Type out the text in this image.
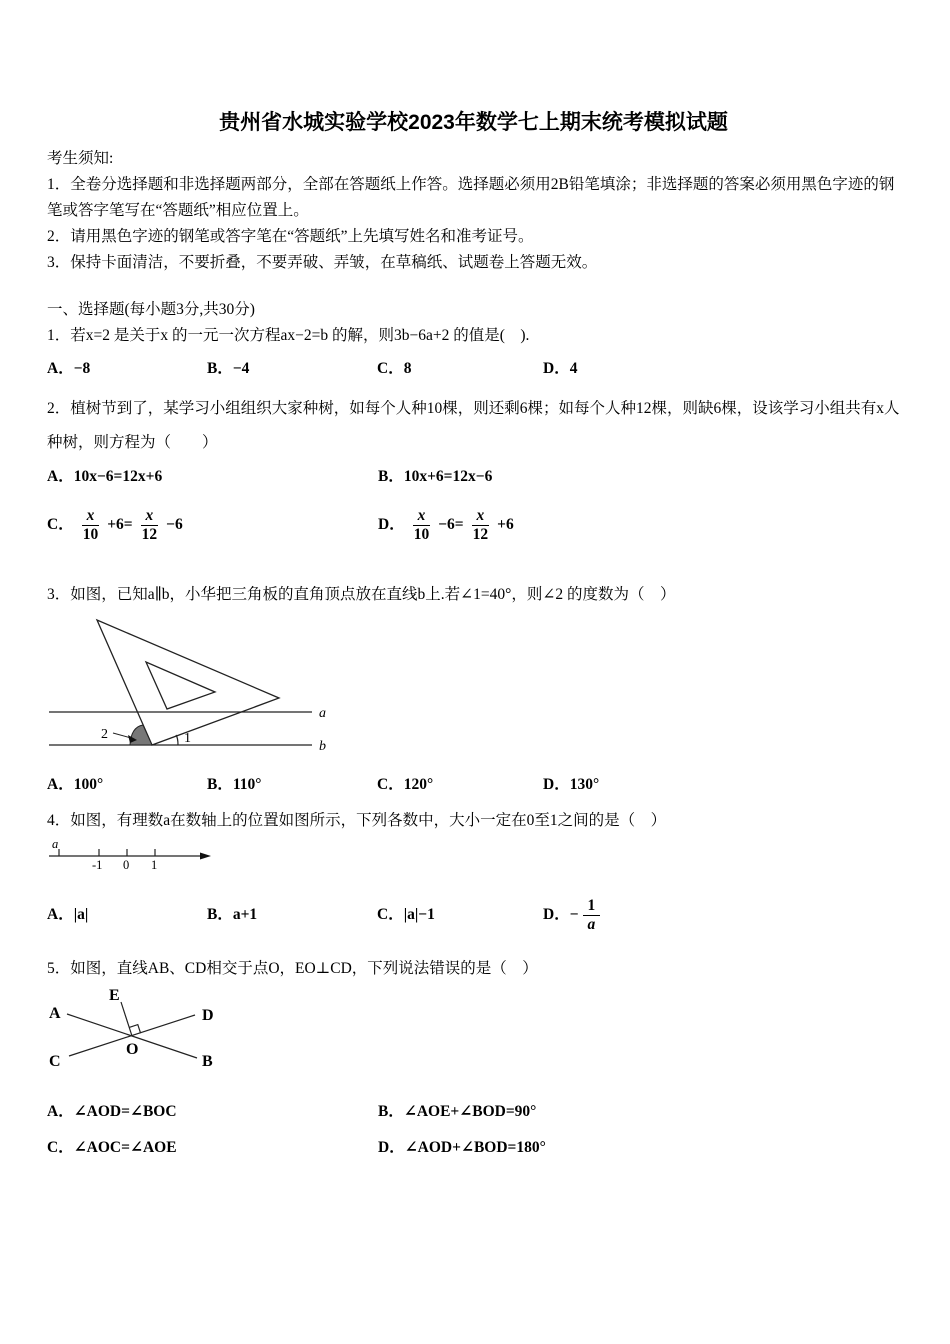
贵州省水城实验学校2023年数学七上期末统考模拟试题

考生须知:

1．全卷分选择题和非选择题两部分，全部在答题纸上作答。选择题必须用2B铅笔填涂；非选择题的答案必须用黑色字迹的钢笔或答字笔写在“答题纸”相应位置上。

2．请用黑色字迹的钢笔或答字笔在“答题纸”上先填写姓名和准考证号。

3．保持卡面清洁，不要折叠，不要弄破、弄皱，在草稿纸、试题卷上答题无效。

一、选择题(每小题3分,共30分)

1．若x=2 是关于x 的一元一次方程ax−2=b 的解，则3b−6a+2 的值是(　).

A．−8	B．−4	C．8	D．4

2．植树节到了，某学习小组组织大家种树，如每个人种10棵，则还剩6棵；如每个人种12棵，则缺6棵，设该学习小组共有x人种树，则方程为（　　）

A．10x−6=12x+6	B．10x+6=12x−6
C． $\frac{x}{10} +6= \frac{x}{12} -6$	D． $\frac{x}{10} -6= \frac{x}{12} +6$

3．如图，已知a∥b，小华把三角板的直角顶点放在直线b上.若∠1=40°，则∠2 的度数为（　）

a
b
2	1
A．100°	B．110°	C．120°	D．130°

4．如图，有理数a在数轴上的位置如图所示，下列各数中，大小一定在0至1之间的是（　）

a
-1 0 1
A．|a|	B．a+1	C．|a|−1	D． − $\frac{1}{a}$

5．如图，直线AB、CD相交于点O，EO⊥CD，下列说法错误的是（　）

E
A	D
C
O
B
A．∠AOD=∠BOC	B．∠AOE+∠BOD=90°
C．∠AOC=∠AOE	D．∠AOD+∠BOD=180°
